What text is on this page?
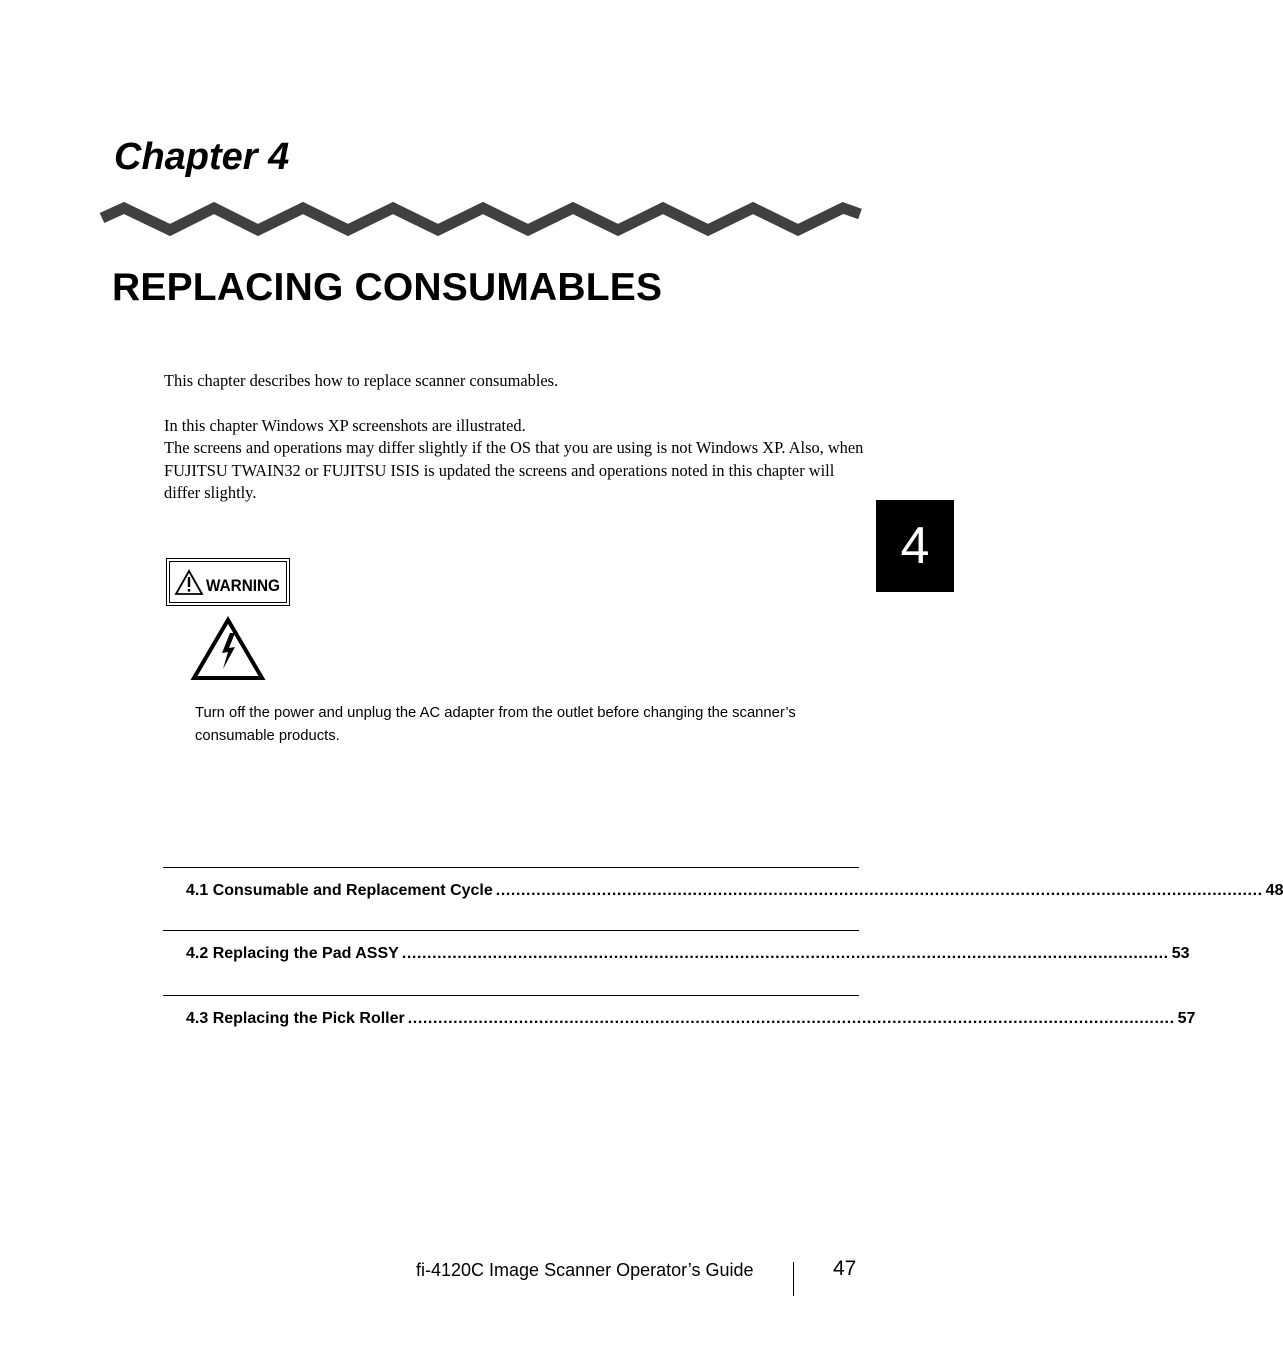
Chapter 4
REPLACING CONSUMABLES

This chapter describes how to replace scanner consumables.

In this chapter Windows XP screenshots are illustrated.

The screens and operations may differ slightly if the OS that you are using is not Windows XP. Also, when FUJITSU TWAIN32 or FUJITSU ISIS is updated the screens and operations noted in this chapter will differ slightly.

4
WARNING
Turn off the power and unplug the AC adapter from the outlet before changing the scanner’s consumable products.
4.1 Consumable and Replacement Cycle ........................................................................................................................................................ 48
4.2 Replacing the Pad ASSY ........................................................................................................................................................ 53
4.3 Replacing the Pick Roller ........................................................................................................................................................ 57
fi-4120C Image Scanner Operator’s Guide	47
